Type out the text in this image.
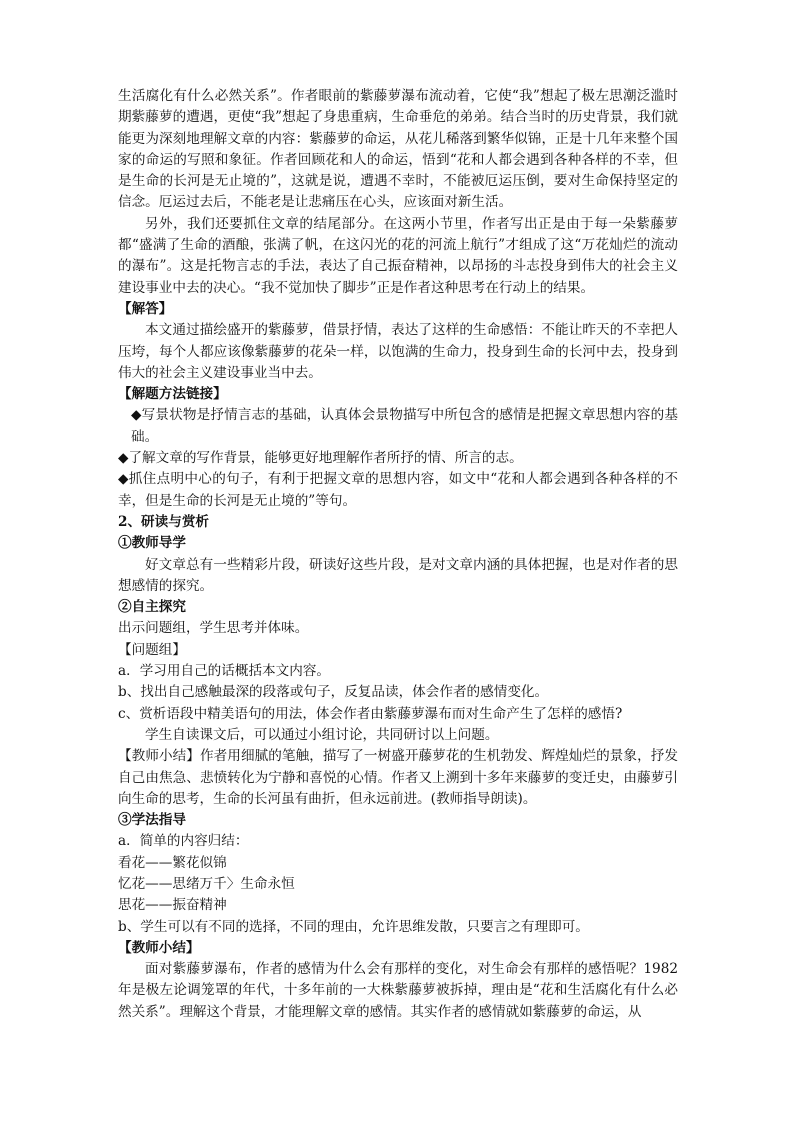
生活腐化有什么必然关系”。作者眼前的紫藤萝瀑布流动着，它使“我”想起了极左思潮泛滥时期紫藤萝的遭遇，更使“我”想起了身患重病，生命垂危的弟弟。结合当时的历史背景，我们就能更为深刻地理解文章的内容：紫藤萝的命运，从花儿稀落到繁华似锦，正是十几年来整个国家的命运的写照和象征。作者回顾花和人的命运，悟到“花和人都会遇到各种各样的不幸，但是生命的长河是无止境的”，这就是说，遭遇不幸时，不能被厄运压倒，要对生命保持坚定的信念。厄运过去后，不能老是让悲痛压在心头，应该面对新生活。

另外，我们还要抓住文章的结尾部分。在这两小节里，作者写出正是由于每一朵紫藤萝都“盛满了生命的酒酿，张满了帆，在这闪光的花的河流上航行”才组成了这“万花灿烂的流动的瀑布”。这是托物言志的手法，表达了自己振奋精神，以昂扬的斗志投身到伟大的社会主义建设事业中去的决心。“我不觉加快了脚步”正是作者这种思考在行动上的结果。

【解答】

本文通过描绘盛开的紫藤萝，借景抒情，表达了这样的生命感悟：不能让昨天的不幸把人压垮，每个人都应该像紫藤萝的花朵一样，以饱满的生命力，投身到生命的长河中去，投身到伟大的社会主义建设事业当中去。

【解题方法链接】

◆写景状物是抒情言志的基础，认真体会景物描写中所包含的感情是把握文章思想内容的基础。

◆了解文章的写作背景，能够更好地理解作者所抒的情、所言的志。

◆抓住点明中心的句子，有利于把握文章的思想内容，如文中“花和人都会遇到各种各样的不幸，但是生命的长河是无止境的”等句。

2、研读与赏析

①教师导学

好文章总有一些精彩片段，研读好这些片段，是对文章内涵的具体把握，也是对作者的思想感情的探究。

②自主探究

出示问题组，学生思考并体味。

【问题组】

a．学习用自己的话概括本文内容。

b、找出自己感触最深的段落或句子，反复品读，体会作者的感情变化。

c、赏析语段中精美语句的用法，体会作者由紫藤萝瀑布而对生命产生了怎样的感悟?

学生自读课文后，可以通过小组讨论，共同研讨以上问题。

【教师小结】作者用细腻的笔触，描写了一树盛开藤萝花的生机勃发、辉煌灿烂的景象，抒发自己由焦急、悲愤转化为宁静和喜悦的心情。作者又上溯到十多年来藤萝的变迁史，由藤萝引向生命的思考，生命的长河虽有曲折，但永远前进。(教师指导朗读)。

③学法指导

a．简单的内容归结：

看花——繁花似锦

忆花——思绪万千〉生命永恒

思花——振奋精神

b、学生可以有不同的选择，不同的理由，允许思维发散，只要言之有理即可。

【教师小结】

面对紫藤萝瀑布，作者的感情为什么会有那样的变化，对生命会有那样的感悟呢？1982年是极左论调笼罩的年代，十多年前的一大株紫藤萝被拆掉，理由是“花和生活腐化有什么必然关系”。理解这个背景，才能理解文章的感情。其实作者的感情就如紫藤萝的命运，从
